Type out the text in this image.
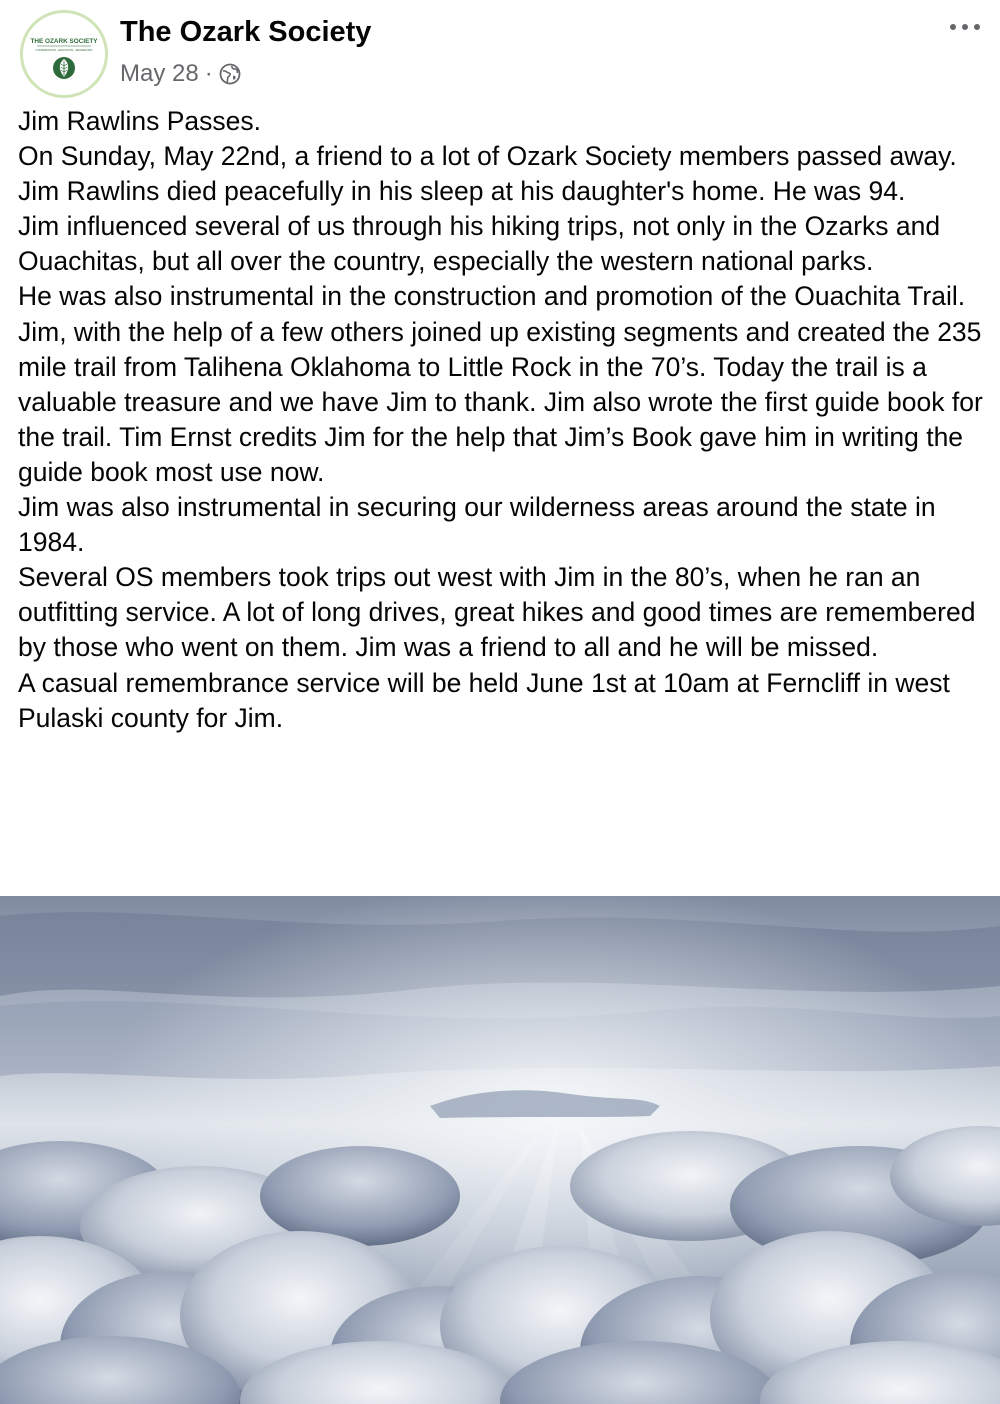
THE OZARK SOCIETY
CONSERVATION · EDUCATION · RECREATION
The Ozark Society
May 28 ·

Jim Rawlins Passes.

On Sunday, May 22nd, a friend to a lot of Ozark Society members passed away. Jim Rawlins died peacefully in his sleep at his daughter's home. He was 94.

Jim influenced several of us through his hiking trips, not only in the Ozarks and Ouachitas, but all over the country, especially the western national parks.

He was also instrumental in the construction and promotion of the Ouachita Trail. Jim, with the help of a few others joined up existing segments and created the 235 mile trail from Talihena Oklahoma to Little Rock in the 70’s. Today the trail is a valuable treasure and we have Jim to thank. Jim also wrote the first guide book for the trail. Tim Ernst credits Jim for the help that Jim’s Book gave him in writing the guide book most use now.

Jim was also instrumental in securing our wilderness areas around the state in 1984.

Several OS members took trips out west with Jim in the 80’s, when he ran an outfitting service. A lot of long drives, great hikes and good times are remembered by those who went on them. Jim was a friend to all and he will be missed.

A casual remembrance service will be held June 1st at 10am at Ferncliff in west Pulaski county for Jim.
